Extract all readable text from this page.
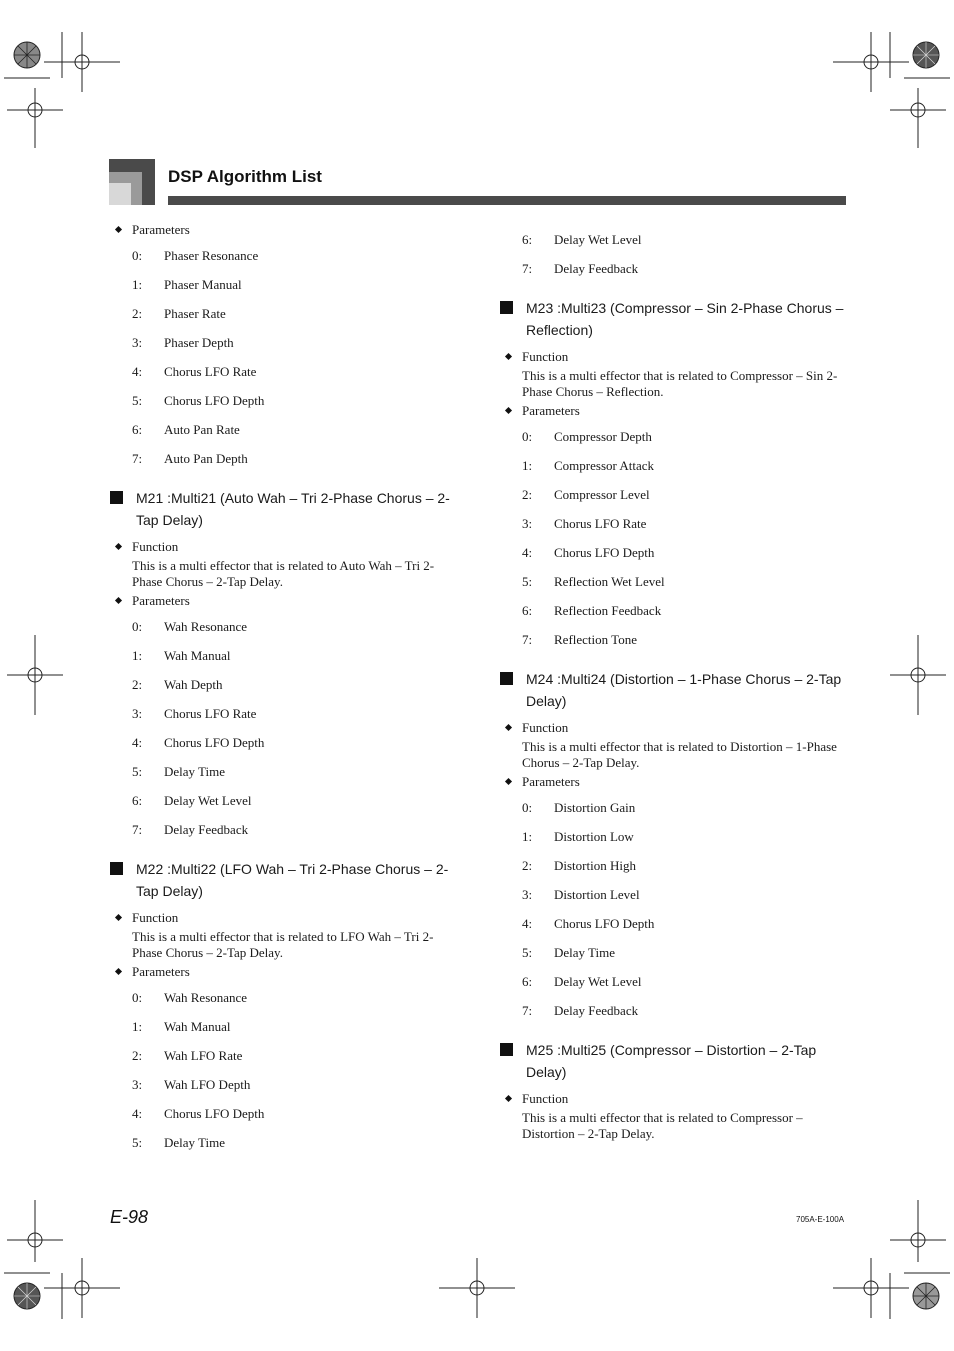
DSP Algorithm List
Parameters
0: Phaser Resonance
1: Phaser Manual
2: Phaser Rate
3: Phaser Depth
4: Chorus LFO Rate
5: Chorus LFO Depth
6: Auto Pan Rate
7: Auto Pan Depth
M21 :Multi21 (Auto Wah – Tri 2-Phase Chorus – 2-Tap Delay)
Function
This is a multi effector that is related to Auto Wah – Tri 2-Phase Chorus – 2-Tap Delay.
Parameters
0: Wah Resonance
1: Wah Manual
2: Wah Depth
3: Chorus LFO Rate
4: Chorus LFO Depth
5: Delay Time
6: Delay Wet Level
7: Delay Feedback
M22 :Multi22 (LFO Wah – Tri 2-Phase Chorus – 2-Tap Delay)
Function
This is a multi effector that is related to LFO Wah – Tri 2-Phase Chorus – 2-Tap Delay.
Parameters
0: Wah Resonance
1: Wah Manual
2: Wah LFO Rate
3: Wah LFO Depth
4: Chorus LFO Depth
5: Delay Time
6: Delay Wet Level
7: Delay Feedback
M23 :Multi23 (Compressor – Sin 2-Phase Chorus – Reflection)
Function
This is a multi effector that is related to Compressor – Sin 2-Phase Chorus – Reflection.
Parameters
0: Compressor Depth
1: Compressor Attack
2: Compressor Level
3: Chorus LFO Rate
4: Chorus LFO Depth
5: Reflection Wet Level
6: Reflection Feedback
7: Reflection Tone
M24 :Multi24 (Distortion – 1-Phase Chorus – 2-Tap Delay)
Function
This is a multi effector that is related to Distortion – 1-Phase Chorus – 2-Tap Delay.
Parameters
0: Distortion Gain
1: Distortion Low
2: Distortion High
3: Distortion Level
4: Chorus LFO Depth
5: Delay Time
6: Delay Wet Level
7: Delay Feedback
M25 :Multi25 (Compressor – Distortion – 2-Tap Delay)
Function
This is a multi effector that is related to Compressor – Distortion – 2-Tap Delay.
E-98	705A-E-100A
